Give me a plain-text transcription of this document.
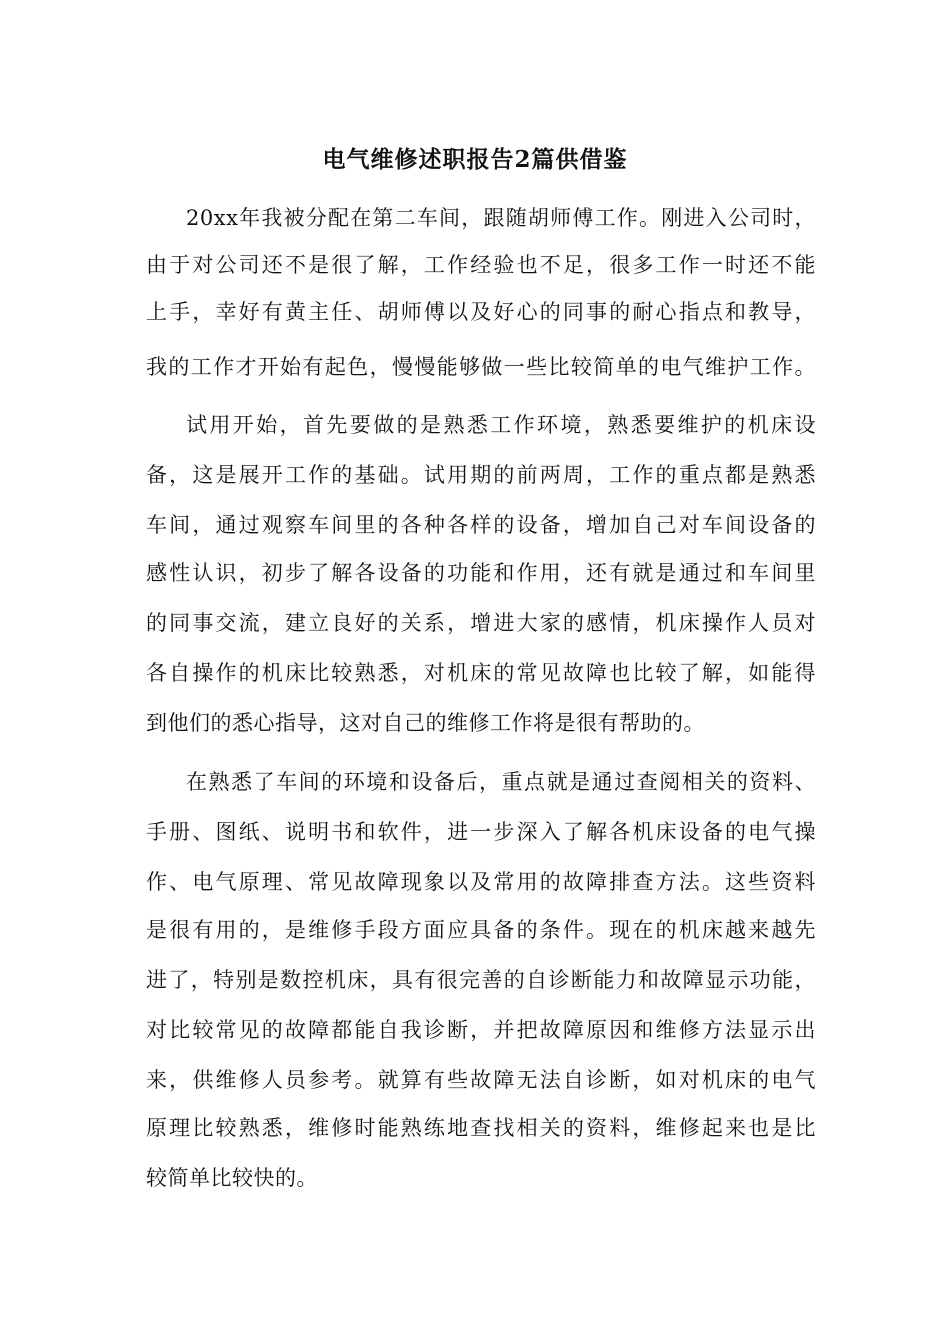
电气维修述职报告2篇供借鉴
20xx年我被分配在第二车间，跟随胡师傅工作。刚进入公司时，
由于对公司还不是很了解，工作经验也不足，很多工作一时还不能
上手，幸好有黄主任、胡师傅以及好心的同事的耐心指点和教导，
我的工作才开始有起色，慢慢能够做一些比较简单的电气维护工作。
试用开始，首先要做的是熟悉工作环境，熟悉要维护的机床设
备，这是展开工作的基础。试用期的前两周，工作的重点都是熟悉
车间，通过观察车间里的各种各样的设备，增加自己对车间设备的
感性认识，初步了解各设备的功能和作用，还有就是通过和车间里
的同事交流，建立良好的关系，增进大家的感情，机床操作人员对
各自操作的机床比较熟悉，对机床的常见故障也比较了解，如能得
到他们的悉心指导，这对自己的维修工作将是很有帮助的。
在熟悉了车间的环境和设备后，重点就是通过查阅相关的资料、
手册、图纸、说明书和软件，进一步深入了解各机床设备的电气操
作、电气原理、常见故障现象以及常用的故障排查方法。这些资料
是很有用的，是维修手段方面应具备的条件。现在的机床越来越先
进了，特别是数控机床，具有很完善的自诊断能力和故障显示功能，
对比较常见的故障都能自我诊断，并把故障原因和维修方法显示出
来，供维修人员参考。就算有些故障无法自诊断，如对机床的电气
原理比较熟悉，维修时能熟练地查找相关的资料，维修起来也是比
较简单比较快的。
